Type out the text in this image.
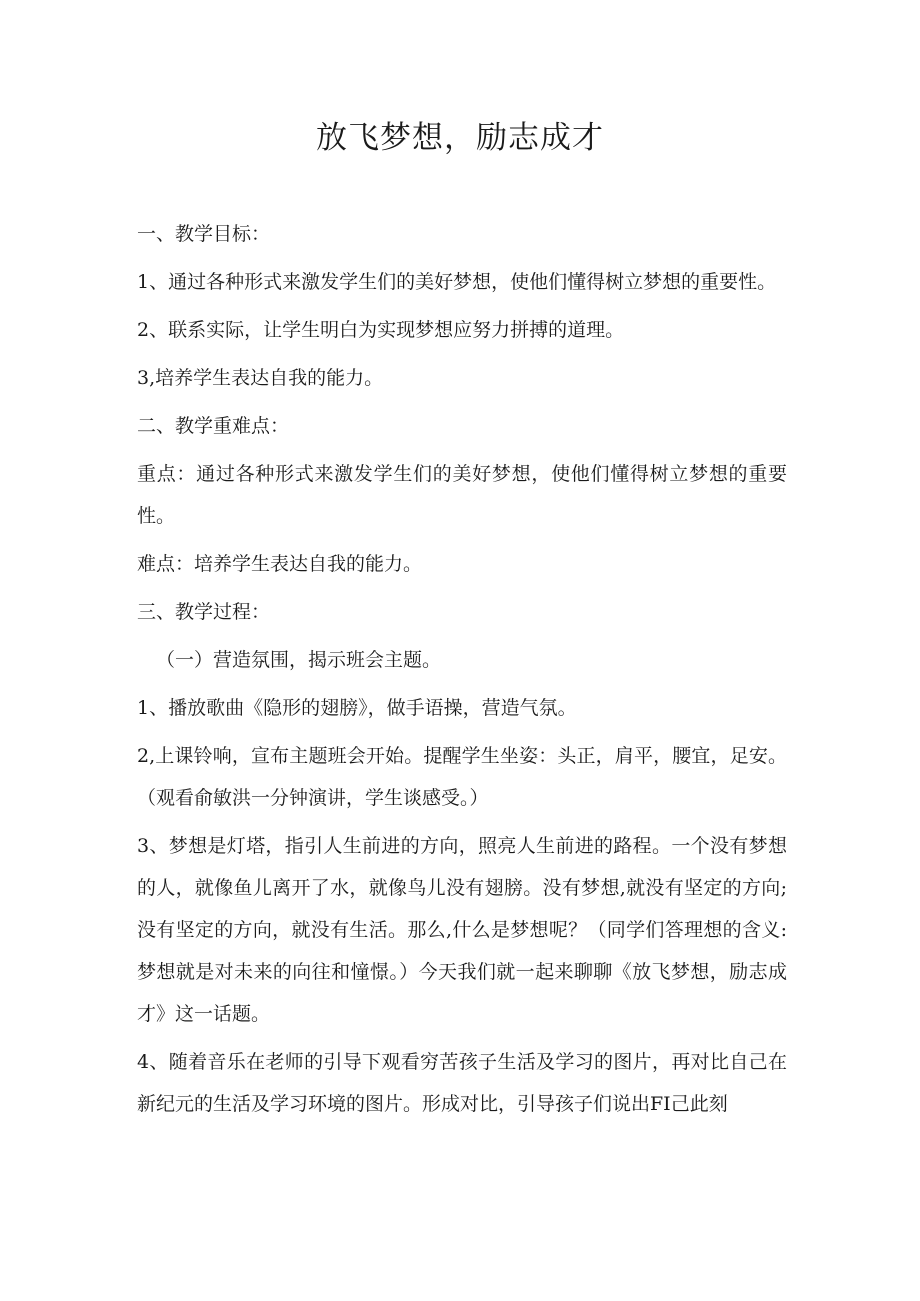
放飞梦想，励志成才

一、教学目标：

1、通过各种形式来激发学生们的美好梦想，使他们懂得树立梦想的重要性。

2、联系实际，让学生明白为实现梦想应努力拼搏的道理。

3,培养学生表达自我的能力。

二、教学重难点：

重点：通过各种形式来激发学生们的美好梦想，使他们懂得树立梦想的重要性。

难点：培养学生表达自我的能力。

三、教学过程：

（一）营造氛围，揭示班会主题。

1、播放歌曲《隐形的翅膀》，做手语操，营造气氛。

2,上课铃响，宣布主题班会开始。提醒学生坐姿：头正，肩平，腰宜，足安。（观看俞敏洪一分钟演讲，学生谈感受。）

3、梦想是灯塔，指引人生前进的方向，照亮人生前进的路程。一个没有梦想的人，就像鱼儿离开了水，就像鸟儿没有翅膀。没有梦想,就没有坚定的方向;没有坚定的方向，就没有生活。那么,什么是梦想呢？（同学们答理想的含义:梦想就是对未来的向往和憧憬。）今天我们就一起来聊聊《放飞梦想，励志成才》这一话题。

4、随着音乐在老师的引导下观看穷苦孩子生活及学习的图片，再对比自己在新纪元的生活及学习环境的图片。形成对比，引导孩子们说出FI己此刻
